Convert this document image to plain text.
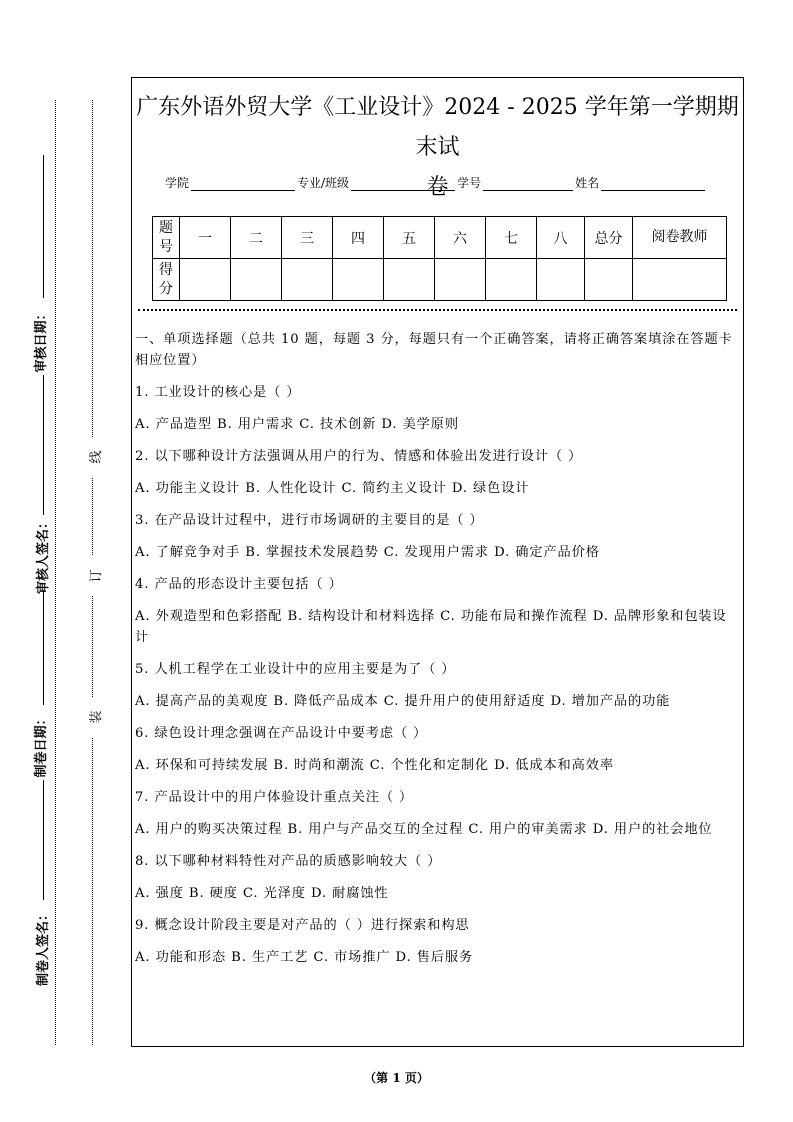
审核日期：
审核人签名：
制卷日期：
制卷人签名：
线
订
装
广东外语外贸大学《工业设计》2024 - 2025 学年第一学期期末试
卷
学院	专业/班级	学号	姓名
题号	一	二	三	四	五	六	七	八	总分	阅卷教师
得分										

一、单项选择题（总共 10 题，每题 3 分，每题只有一个正确答案，请将正确答案填涂在答题卡相应位置）

1. 工业设计的核心是（ ）

A. 产品造型 B. 用户需求 C. 技术创新 D. 美学原则

2. 以下哪种设计方法强调从用户的行为、情感和体验出发进行设计（ ）

A. 功能主义设计 B. 人性化设计 C. 简约主义设计 D. 绿色设计

3. 在产品设计过程中，进行市场调研的主要目的是（ ）

A. 了解竞争对手 B. 掌握技术发展趋势 C. 发现用户需求 D. 确定产品价格

4. 产品的形态设计主要包括（ ）

A. 外观造型和色彩搭配 B. 结构设计和材料选择 C. 功能布局和操作流程 D. 品牌形象和包装设计

5. 人机工程学在工业设计中的应用主要是为了（ ）

A. 提高产品的美观度 B. 降低产品成本 C. 提升用户的使用舒适度 D. 增加产品的功能

6. 绿色设计理念强调在产品设计中要考虑（ ）

A. 环保和可持续发展 B. 时尚和潮流 C. 个性化和定制化 D. 低成本和高效率

7. 产品设计中的用户体验设计重点关注（ ）

A. 用户的购买决策过程 B. 用户与产品交互的全过程 C. 用户的审美需求 D. 用户的社会地位

8. 以下哪种材料特性对产品的质感影响较大（ ）

A. 强度 B. 硬度 C. 光泽度 D. 耐腐蚀性

9. 概念设计阶段主要是对产品的（ ）进行探索和构思

A. 功能和形态 B. 生产工艺 C. 市场推广 D. 售后服务

（第 1 页）
